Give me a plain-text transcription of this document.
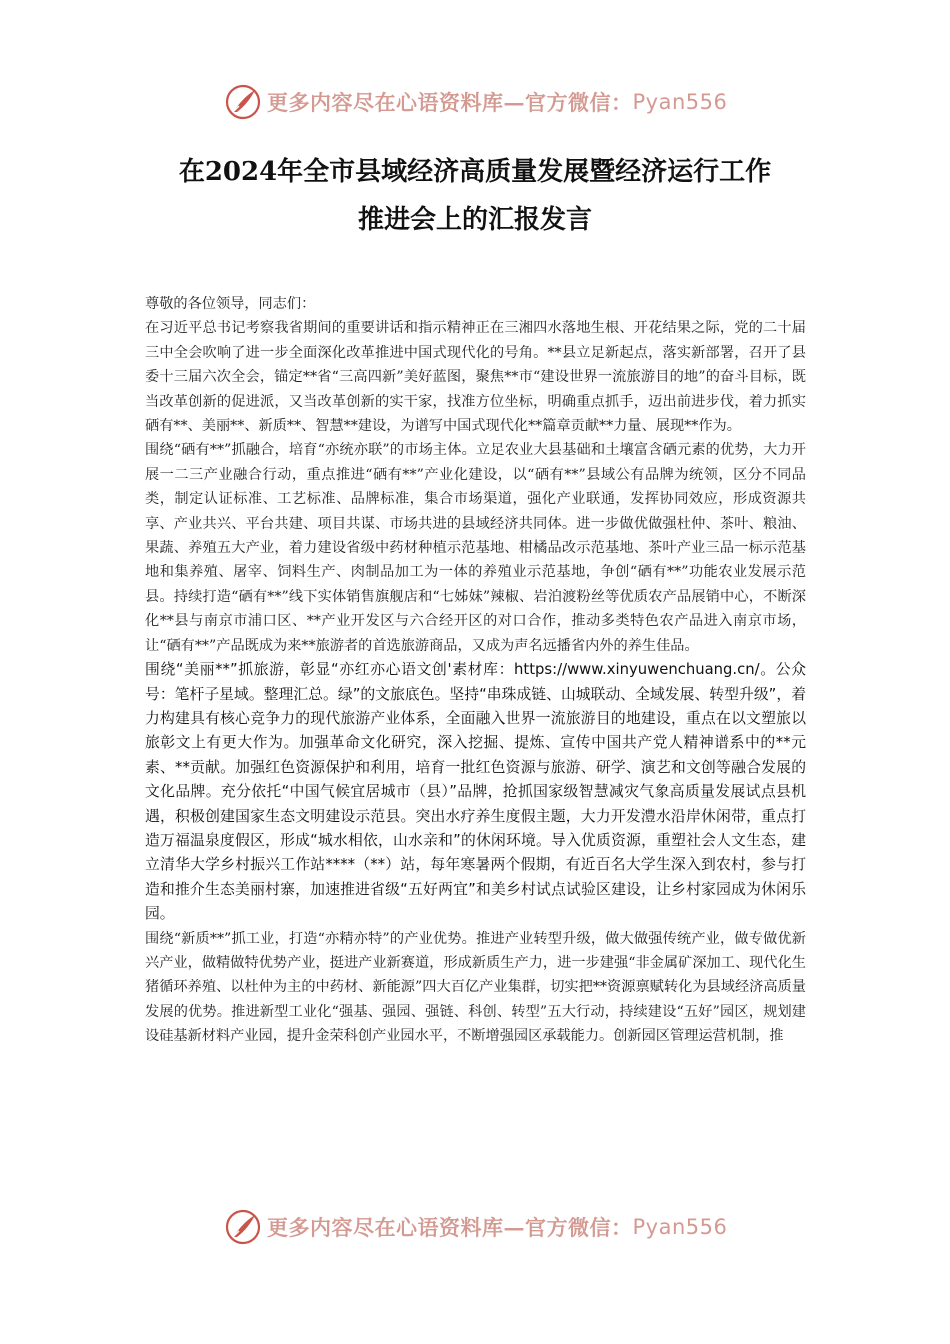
更多内容尽在心语资料库—官方微信： Pyan556
在2024年全市县域经济高质量发展暨经济运行工作
推进会上的汇报发言

尊敬的各位领导，同志们：

在习近平总书记考察我省期间的重要讲话和指示精神正在三湘四水落地生根、开花结果之际，党的二十届三中全会吹响了进一步全面深化改革推进中国式现代化的号角。**县立足新起点，落实新部署，召开了县委十三届六次全会，锚定**省“三高四新”美好蓝图，聚焦**市“建设世界一流旅游目的地”的奋斗目标，既当改革创新的促进派，又当改革创新的实干家，找准方位坐标，明确重点抓手，迈出前进步伐，着力抓实硒有**、美丽**、新质**、智慧**建设，为谱写中国式现代化**篇章贡献**力量、展现**作为。

围绕“硒有**”抓融合，培育“亦统亦联”的市场主体。立足农业大县基础和土壤富含硒元素的优势，大力开展一二三产业融合行动，重点推进“硒有**”产业化建设，以“硒有**”县域公有品牌为统领，区分不同品类，制定认证标准、工艺标准、品牌标准，集合市场渠道，强化产业联通，发挥协同效应，形成资源共享、产业共兴、平台共建、项目共谋、市场共进的县域经济共同体。进一步做优做强杜仲、茶叶、粮油、果蔬、养殖五大产业，着力建设省级中药材种植示范基地、柑橘品改示范基地、茶叶产业三品一标示范基地和集养殖、屠宰、饲料生产、肉制品加工为一体的养殖业示范基地，争创“硒有**”功能农业发展示范县。持续打造“硒有**”线下实体销售旗舰店和“七姊妹”辣椒、岩泊渡粉丝等优质农产品展销中心，不断深化**县与南京市浦口区、**产业开发区与六合经开区的对口合作，推动多类特色农产品进入南京市场，让“硒有**”产品既成为来**旅游者的首选旅游商品，又成为声名远播省内外的养生佳品。

围绕“美丽**”抓旅游，彰显“亦红亦心语文创'素材库：https://www.xinyuwenchuang.cn/。公众号：笔杆子星域。整理汇总。绿”的文旅底色。坚持“串珠成链、山城联动、全域发展、转型升级”，着力构建具有核心竞争力的现代旅游产业体系，全面融入世界一流旅游目的地建设，重点在以文塑旅以旅彰文上有更大作为。加强革命文化研究，深入挖掘、提炼、宣传中国共产党人精神谱系中的**元素、**贡献。加强红色资源保护和利用，培育一批红色资源与旅游、研学、演艺和文创等融合发展的文化品牌。充分依托“中国气候宜居城市（县）”品牌，抢抓国家级智慧减灾气象高质量发展试点县机遇，积极创建国家生态文明建设示范县。突出水疗养生度假主题，大力开发澧水沿岸休闲带，重点打造万福温泉度假区，形成“城水相依，山水亲和”的休闲环境。导入优质资源，重塑社会人文生态，建立清华大学乡村振兴工作站****（**）站，每年寒暑两个假期，有近百名大学生深入到农村，参与打造和推介生态美丽村寨，加速推进省级“五好两宜”和美乡村试点试验区建设，让乡村家园成为休闲乐园。

围绕“新质**”抓工业，打造“亦精亦特”的产业优势。推进产业转型升级，做大做强传统产业，做专做优新兴产业，做精做特优势产业，挺进产业新赛道，形成新质生产力，进一步建强“非金属矿深加工、现代化生猪循环养殖、以杜仲为主的中药材、新能源”四大百亿产业集群，切实把**资源禀赋转化为县域经济高质量发展的优势。推进新型工业化“强基、强园、强链、科创、转型”五大行动，持续建设“五好”园区，规划建设硅基新材料产业园，提升金荣科创产业园水平，不断增强园区承载能力。创新园区管理运营机制，推

更多内容尽在心语资料库—官方微信： Pyan556
